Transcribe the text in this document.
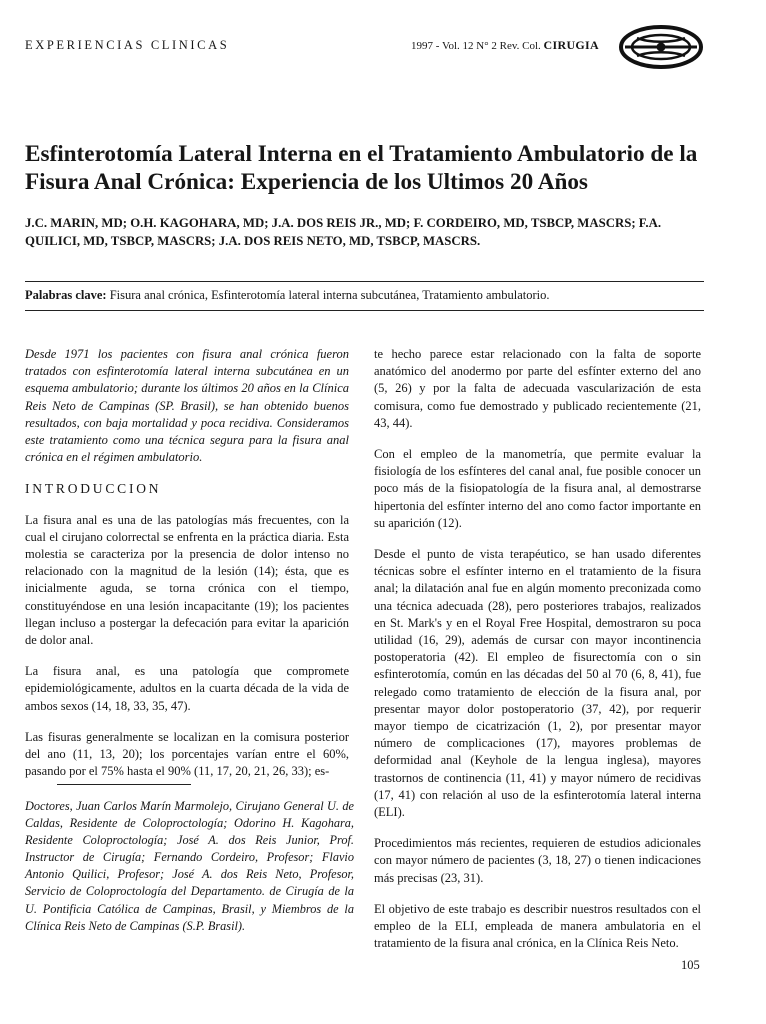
EXPERIENCIAS CLINICAS	1997 - Vol. 12 N° 2 Rev. Col. CIRUGIA
Esfinterotomía Lateral Interna en el Tratamiento Ambulatorio de la Fisura Anal Crónica: Experiencia de los Ultimos 20 Años
J.C. MARIN, MD; O.H. KAGOHARA, MD; J.A. DOS REIS JR., MD; F. CORDEIRO, MD, TSBCP, MASCRS; F.A. QUILICI, MD, TSBCP, MASCRS; J.A. DOS REIS NETO, MD, TSBCP, MASCRS.
Palabras clave: Fisura anal crónica, Esfinterotomía lateral interna subcutánea, Tratamiento ambulatorio.

Desde 1971 los pacientes con fisura anal crónica fueron tratados con esfinterotomía lateral interna subcutánea en un esquema ambulatorio; durante los últimos 20 años en la Clínica Reis Neto de Campinas (SP. Brasil), se han obtenido buenos resultados, con baja mortalidad y poca recidiva. Consideramos este tratamiento como una técnica segura para la fisura anal crónica en el régimen ambulatorio.

INTRODUCCION

La fisura anal es una de las patologías más frecuentes, con la cual el cirujano colorrectal se enfrenta en la práctica diaria. Esta molestia se caracteriza por la presencia de dolor intenso no relacionado con la magnitud de la lesión (14); ésta, que es inicialmente aguda, se torna crónica con el tiempo, constituyéndose en una lesión incapacitante (19); los pacientes llegan incluso a postergar la defecación para evitar la aparición de dolor anal.

La fisura anal, es una patología que compromete epidemiológicamente, adultos en la cuarta década de la vida de ambos sexos (14, 18, 33, 35, 47).

Las fisuras generalmente se localizan en la comisura posterior del ano (11, 13, 20); los porcentajes varían entre el 60%, pasando por el 75% hasta el 90% (11, 17, 20, 21, 26, 33); es-

Doctores, Juan Carlos Marín Marmolejo, Cirujano General U. de Caldas, Residente de Coloproctología; Odorino H. Kagohara, Residente Coloproctología; José A. dos Reis Junior, Prof. Instructor de Cirugía; Fernando Cordeiro, Profesor; Flavio Antonio Quilici, Profesor; José A. dos Reis Neto, Profesor, Servicio de Coloproctología del Departamento. de Cirugía de la U. Pontificia Católica de Campinas, Brasil, y Miembros de la Clínica Reis Neto de Campinas (S.P. Brasil).

te hecho parece estar relacionado con la falta de soporte anatómico del anodermo por parte del esfínter externo del ano (5, 26) y por la falta de adecuada vascularización de esta comisura, como fue demostrado y publicado recientemente (21, 43, 44).

Con el empleo de la manometría, que permite evaluar la fisiología de los esfínteres del canal anal, fue posible conocer un poco más de la fisiopatología de la fisura anal, al demostrarse hipertonia del esfínter interno del ano como factor importante en su aparición (12).

Desde el punto de vista terapéutico, se han usado diferentes técnicas sobre el esfínter interno en el tratamiento de la fisura anal; la dilatación anal fue en algún momento preconizada como una técnica adecuada (28), pero posteriores trabajos, realizados en St. Mark's y en el Royal Free Hospital, demostraron su poca utilidad (16, 29), además de cursar con mayor incontinencia postoperatoria (42). El empleo de fisurectomía con o sin esfinterotomía, común en las décadas del 50 al 70 (6, 8, 41), fue relegado como tratamiento de elección de la fisura anal, por presentar mayor dolor postoperatorio (37, 42), por requerir mayor tiempo de cicatrización (1, 2), por presentar mayor número de complicaciones (17), mayores problemas de deformidad anal (Keyhole de la lengua inglesa), mayores trastornos de continencia (11, 41) y mayor número de recidivas (17, 41) con relación al uso de la esfinterotomía lateral interna (ELI).

Procedimientos más recientes, requieren de estudios adicionales con mayor número de pacientes (3, 18, 27) o tienen indicaciones más precisas (23, 31).

El objetivo de este trabajo es describir nuestros resultados con el empleo de la ELI, empleada de manera ambulatoria en el tratamiento de la fisura anal crónica, en la Clínica Reis Neto.

105
